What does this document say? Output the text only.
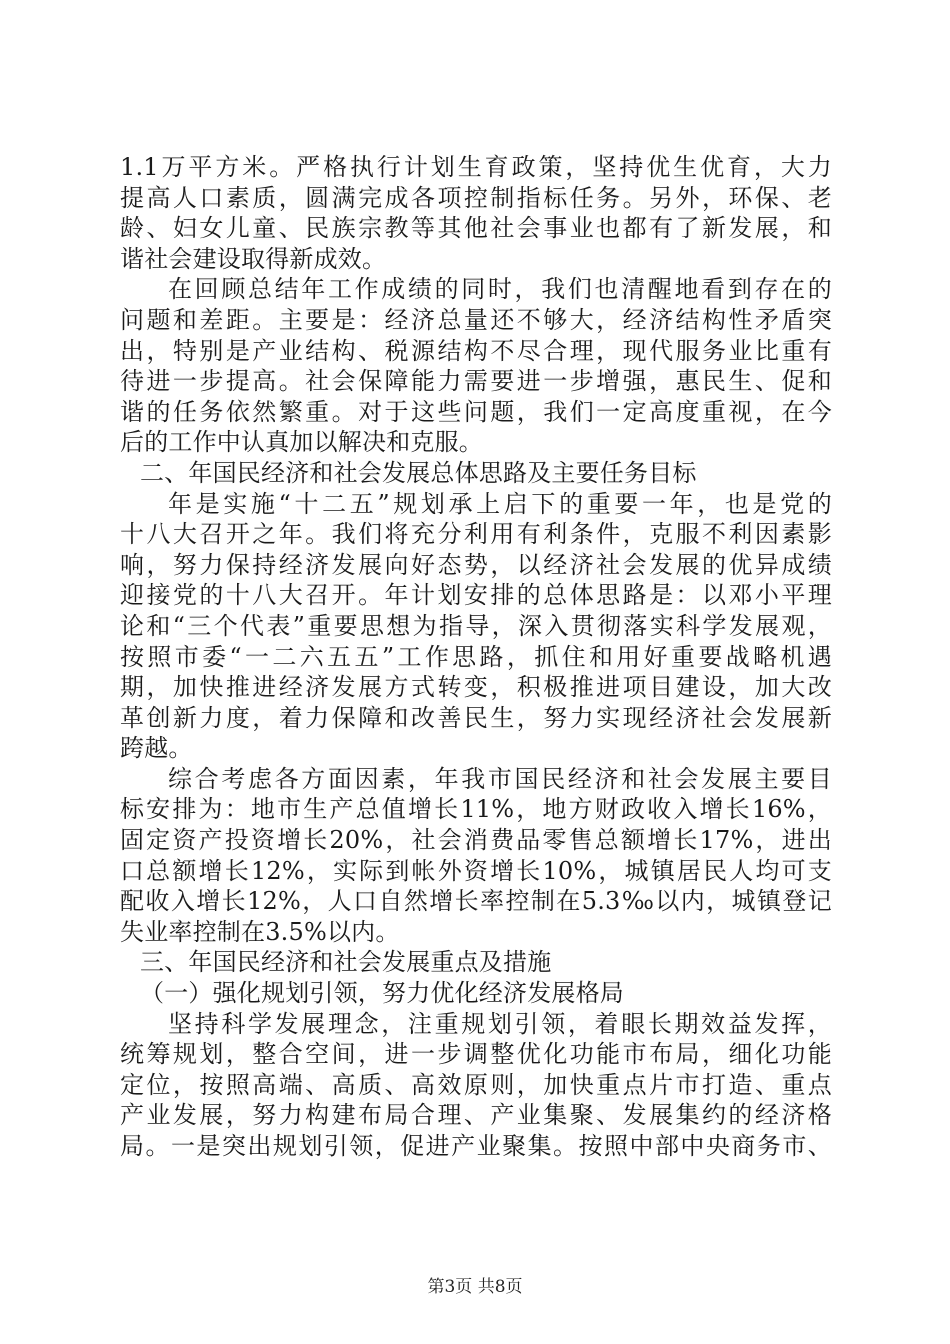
1.1万平方米。严格执行计划生育政策，坚持优生优育，大力
提高人口素质，圆满完成各项控制指标任务。另外，环保、老
龄、妇女儿童、民族宗教等其他社会事业也都有了新发展，和
谐社会建设取得新成效。
在回顾总结年工作成绩的同时，我们也清醒地看到存在的
问题和差距。主要是：经济总量还不够大，经济结构性矛盾突
出，特别是产业结构、税源结构不尽合理，现代服务业比重有
待进一步提高。社会保障能力需要进一步增强，惠民生、促和
谐的任务依然繁重。对于这些问题，我们一定高度重视，在今
后的工作中认真加以解决和克服。
二、年国民经济和社会发展总体思路及主要任务目标
年是实施“十二五”规划承上启下的重要一年，也是党的
十八大召开之年。我们将充分利用有利条件，克服不利因素影
响，努力保持经济发展向好态势，以经济社会发展的优异成绩
迎接党的十八大召开。年计划安排的总体思路是：以邓小平理
论和“三个代表”重要思想为指导，深入贯彻落实科学发展观，
按照市委“一二六五五”工作思路，抓住和用好重要战略机遇
期，加快推进经济发展方式转变，积极推进项目建设，加大改
革创新力度，着力保障和改善民生，努力实现经济社会发展新
跨越。
综合考虑各方面因素，年我市国民经济和社会发展主要目
标安排为：地市生产总值增长11%，地方财政收入增长16%，
固定资产投资增长20%，社会消费品零售总额增长17%，进出
口总额增长12%，实际到帐外资增长10%，城镇居民人均可支
配收入增长12%，人口自然增长率控制在5.3‰以内，城镇登记
失业率控制在3.5%以内。
三、年国民经济和社会发展重点及措施
（一）强化规划引领，努力优化经济发展格局
坚持科学发展理念，注重规划引领，着眼长期效益发挥，
统筹规划，整合空间，进一步调整优化功能市布局，细化功能
定位，按照高端、高质、高效原则，加快重点片市打造、重点
产业发展，努力构建布局合理、产业集聚、发展集约的经济格
局。一是突出规划引领，促进产业聚集。按照中部中央商务市、
第3页 共8页
